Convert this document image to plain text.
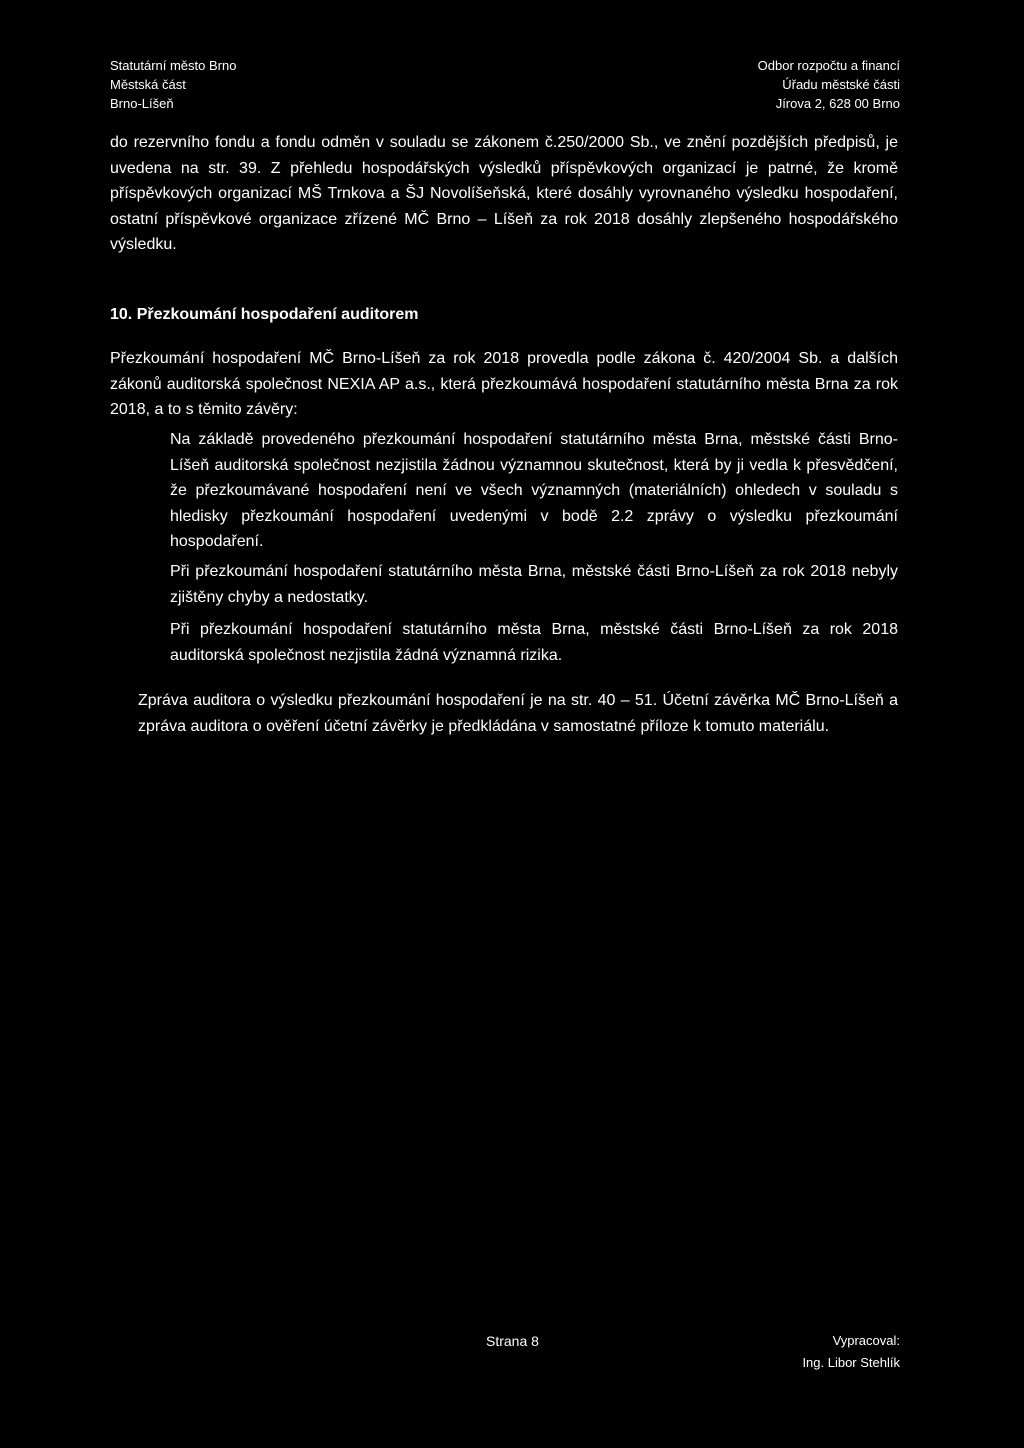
Statutární město Brno
Městská část
Brno-Líšeň
Odbor rozpočtu a financí
Úřadu městské části
Jírova 2, 628 00 Brno

do rezervního fondu a fondu odměn v souladu se zákonem č.250/2000 Sb., ve znění pozdějších předpisů, je uvedena na str. 39. Z přehledu hospodářských výsledků příspěvkových organizací je patrné, že kromě příspěvkových organizací MŠ Trnkova a ŠJ Novolíšeňská, které dosáhly vyrovnaného výsledku hospodaření, ostatní příspěvkové organizace zřízené MČ Brno – Líšeň za rok 2018 dosáhly zlepšeného hospodářského výsledku.

10. Přezkoumání hospodaření auditorem

Přezkoumání hospodaření MČ Brno-Líšeň za rok 2018 provedla podle zákona č. 420/2004 Sb. a dalších zákonů auditorská společnost NEXIA AP a.s., která přezkoumává hospodaření statutárního města Brna za rok 2018, a to s těmito závěry:

Na základě provedeného přezkoumání hospodaření statutárního města Brna, městské části Brno-Líšeň auditorská společnost nezjistila žádnou významnou skutečnost, která by ji vedla k přesvědčení, že přezkoumávané hospodaření není ve všech významných (materiálních) ohledech v souladu s hledisky přezkoumání hospodaření uvedenými v bodě 2.2 zprávy o výsledku přezkoumání hospodaření.

Při přezkoumání hospodaření statutárního města Brna, městské části Brno-Líšeň za rok 2018 nebyly zjištěny chyby a nedostatky.

Při přezkoumání hospodaření statutárního města Brna, městské části Brno-Líšeň za rok 2018 auditorská společnost nezjistila žádná významná rizika.

Zpráva auditora o výsledku přezkoumání hospodaření je na str. 40 – 51. Účetní závěrka MČ Brno-Líšeň a zpráva auditora o ověření účetní závěrky je předkládána v samostatné příloze k tomuto materiálu.

Strana 8	Vypracoval:
Ing. Libor Stehlík
